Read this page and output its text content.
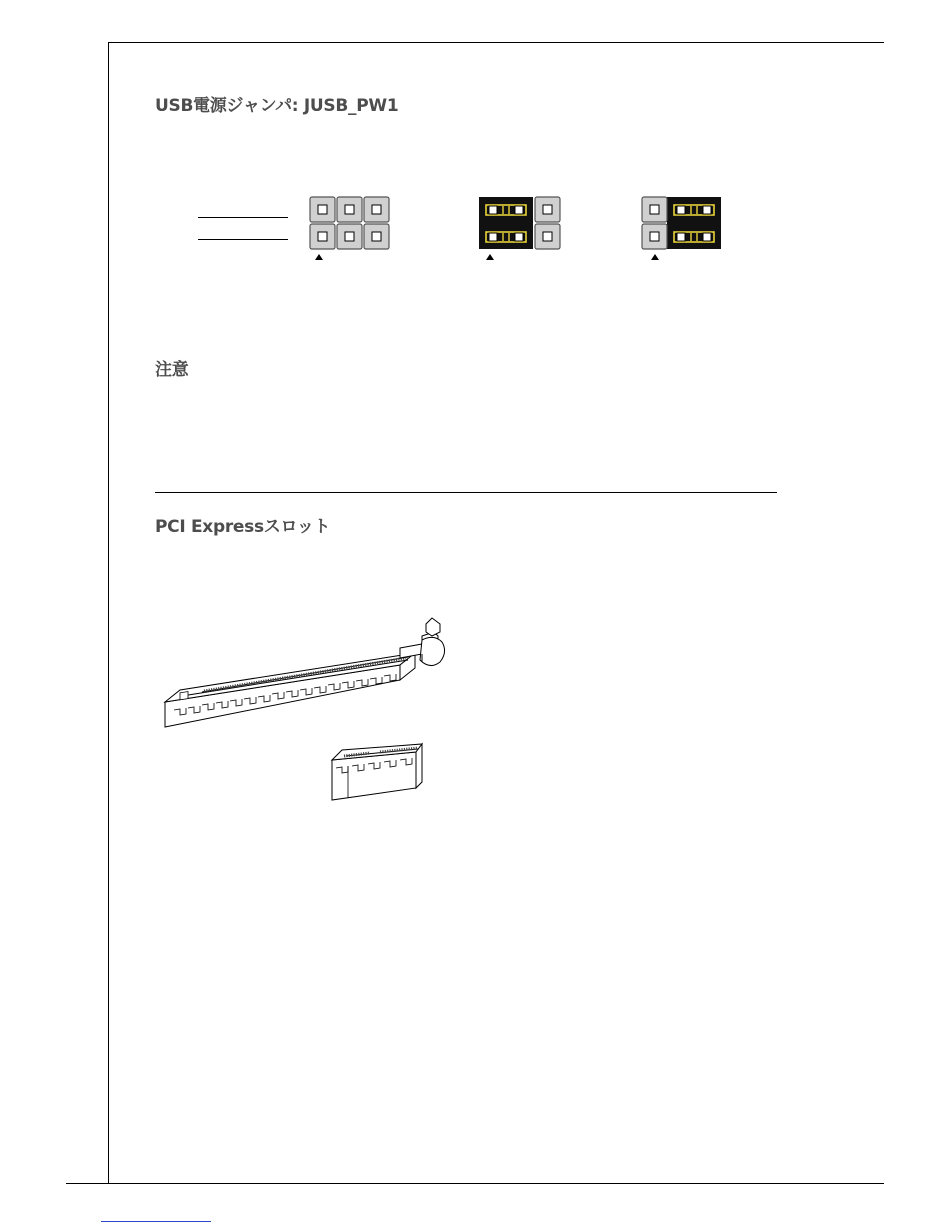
USB電源ジャンパ: JUSB_PW1
注意
PCI Expressスロット
